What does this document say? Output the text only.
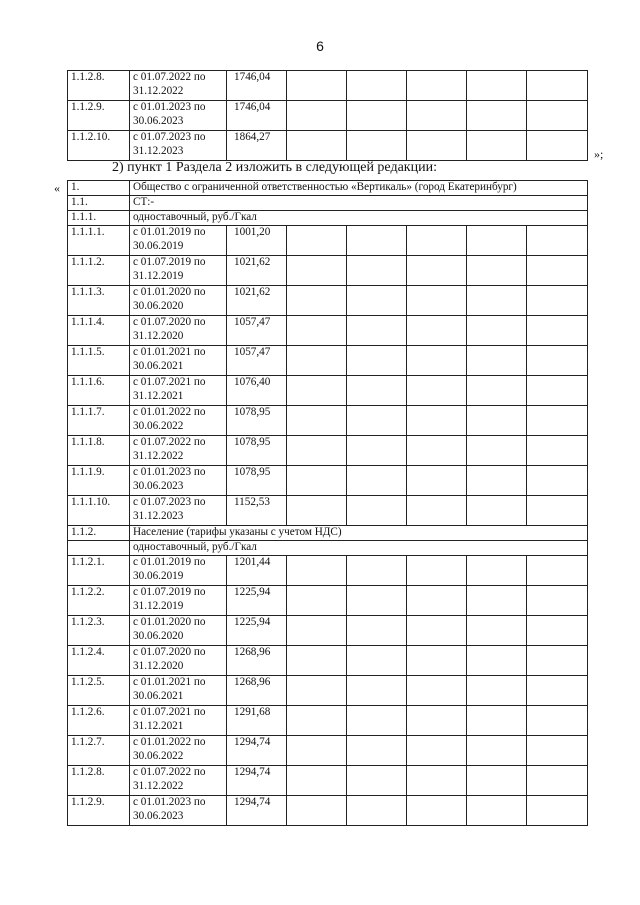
6
1.1.2.8.	с 01.07.2022 по
31.12.2022	1746,04					
1.1.2.9.	с 01.01.2023 по
30.06.2023	1746,04					
1.1.2.10.	с 01.07.2023 по
31.12.2023	1864,27					
»;
2) пункт 1 Раздела 2 изложить в следующей редакции:
« 1.	Общество с ограниченной ответственностью «Вертикаль» (город Екатеринбург)						
1.1.	СТ:-						
1.1.1.	одноставочный, руб./Гкал						
1.1.1.1.	с 01.01.2019 по
30.06.2019	1001,20					
1.1.1.2.	с 01.07.2019 по
31.12.2019	1021,62					
1.1.1.3.	с 01.01.2020 по
30.06.2020	1021,62					
1.1.1.4.	с 01.07.2020 по
31.12.2020	1057,47					
1.1.1.5.	с 01.01.2021 по
30.06.2021	1057,47					
1.1.1.6.	с 01.07.2021 по
31.12.2021	1076,40					
1.1.1.7.	с 01.01.2022 по
30.06.2022	1078,95					
1.1.1.8.	с 01.07.2022 по
31.12.2022	1078,95					
1.1.1.9.	с 01.01.2023 по
30.06.2023	1078,95					
1.1.1.10.	с 01.07.2023 по
31.12.2023	1152,53					
1.1.2.	Население (тарифы указаны с учетом НДС)						
	одноставочный, руб./Гкал						
1.1.2.1.	с 01.01.2019 по
30.06.2019	1201,44					
1.1.2.2.	с 01.07.2019 по
31.12.2019	1225,94					
1.1.2.3.	с 01.01.2020 по
30.06.2020	1225,94					
1.1.2.4.	с 01.07.2020 по
31.12.2020	1268,96					
1.1.2.5.	с 01.01.2021 по
30.06.2021	1268,96					
1.1.2.6.	с 01.07.2021 по
31.12.2021	1291,68					
1.1.2.7.	с 01.01.2022 по
30.06.2022	1294,74					
1.1.2.8.	с 01.07.2022 по
31.12.2022	1294,74					
1.1.2.9.	с 01.01.2023 по
30.06.2023	1294,74					
